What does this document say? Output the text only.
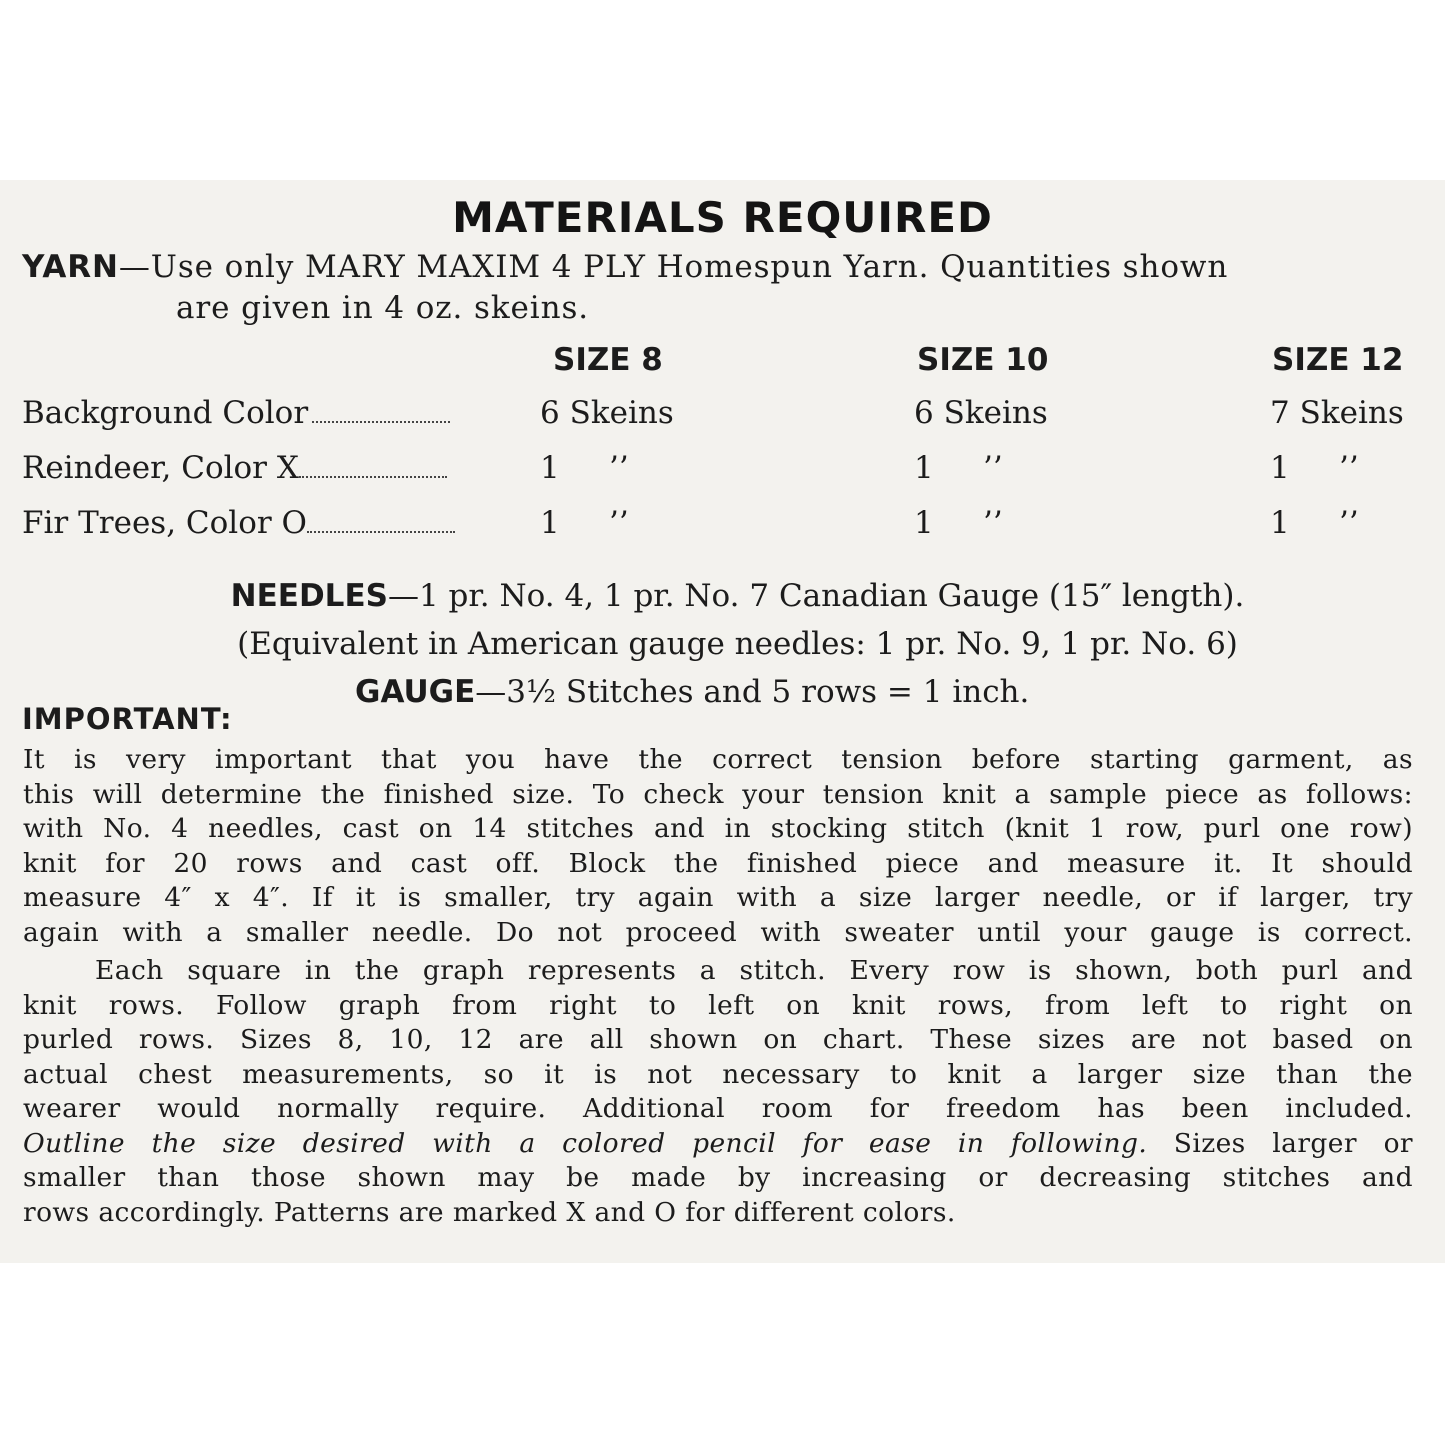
MATERIALS REQUIRED
YARN—Use only MARY MAXIM 4 PLY Homespun Yarn. Quantities shown
are given in 4 oz. skeins.
SIZE 8	SIZE 10	SIZE 12
Background Color	6 Skeins	6 Skeins	7 Skeins
Reindeer, Color X	1     ’’	1     ’’	1     ’’
Fir Trees, Color O	1     ’’	1     ’’	1     ’’
NEEDLES—1 pr. No. 4, 1 pr. No. 7 Canadian Gauge (15″ length).
(Equivalent in American gauge needles: 1 pr. No. 9, 1 pr. No. 6)
GAUGE—3½ Stitches and 5 rows = 1 inch.
IMPORTANT:
It is very important that you have the correct tension before starting garment, as
this will determine the finished size. To check your tension knit a sample piece as follows:
with No. 4 needles, cast on 14 stitches and in stocking stitch (knit 1 row, purl one row)
knit for 20 rows and cast off. Block the finished piece and measure it. It should
measure 4″ x 4″. If it is smaller, try again with a size larger needle, or if larger, try
again with a smaller needle. Do not proceed with sweater until your gauge is correct.
Each square in the graph represents a stitch. Every row is shown, both purl and
knit rows. Follow graph from right to left on knit rows, from left to right on
purled rows. Sizes 8, 10, 12 are all shown on chart. These sizes are not based on
actual chest measurements, so it is not necessary to knit a larger size than the
wearer would normally require. Additional room for freedom has been included.
Outline the size desired with a colored pencil for ease in following. Sizes larger or
smaller than those shown may be made by increasing or decreasing stitches and
rows accordingly. Patterns are marked X and O for different colors.
